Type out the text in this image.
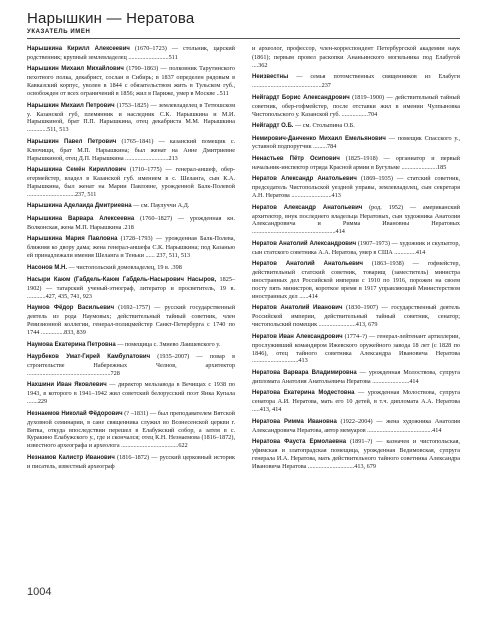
Нарышкин — Нератова
УКАЗАТЕЛЬ ИМЕН
Нарышкина Кирилл Алексеевич (1670–1723) — стольник, царский родственник; крупный землевладелец ..........................511
Нарышкин Михаил Михайлович (1790–1863) — полковник Тарутинского пехотного полка, декабрист, сослан в Сибирь; в 1837 определен рядовым в Кавказский корпус, уволен в 1844 с обязательством жить в Тульском губ., освобожден от всех ограничений в 1856; жил в Париже, умер в Москве ..511
Нарышкин Михаил Петрович (1753–1825) — землевладелец в Тетюшском у. Казанской губ, племянник и наследник С.К. Нарышкина и М.И. Нарышкиной, брат П.П. Нарышкина, отец декабриста М.М. Нарышкина .............511, 513
Нарышкин Павел Петрович (1765–1841) — казанский помещик с. Ключищи, брат М.П. Нарышкина; был женат на Анне Дмитриевне Нарышкиной, отец Д.П. Нарышкина ............................213
Нарышкина Семён Кириллович (1710–1775) — генерал-аншеф, обер-егермейстер, владел в Казанской губ. имением в с. Шеланга, сын К.А. Нарышкина, был женат на Марии Павловне, урожденной Балк-Полевой ...............................237, 511
Нарышкина Аделаида Дмитриевна — см. Паулуччи А.Д.
Нарышкина Варвара Алексеевна (1760–1827) — урожденная кн. Волконская, жена М.П. Нарышкина .218
Нарышкина Мария Павловна (1728–1793) — урожденная Балк-Полева, ближняя ко двору дама; жена генерал-аншефа С.К. Нарышкина; под Казанью ей принадлежали имения Шеланга и Теньки ...... 237, 511, 513
Насонов М.Н. — чистопольский домовладелец, 19 в. .398
Насыри Каюм (Габдель-Каюм Габдель-Насырович Насыров, 1825–1902) — татарский ученый-этнограф, литератор и просветитель, 19 в. ............427, 435, 741, 923
Наумов Фёдор Васильевич (1692–1757) — русский государственный деятель из рода Наумовых; действительный тайный советник, член Ревизионной коллегии, генерал-полицмейстер Санкт-Петербурга с 1740 по 1744 ...............833, 839
Наумова Екатерина Петровна — помещица с. Змиево Лаишевского у.
Наурбеков Умат-Гирей Камбулатович (1935–2007) — повар в строительстве Набережных Челнов, архитектор ......................................................728
Нахшини Иван Яковлевич — директор мельзавода в Вечищах с 1938 по 1943, в которого в 1941–1942 жил советский белорусский поэт Янка Купала .......229
Незнаемов Николай Фёдорович (? –1831) — был преподавателем Вятской духовной семинарии, в сане священника служил во Вознесенской церкви г. Вятка, откуда впоследствии перешел в Елабужский собор, а затем в с. Куракино Елабужского у., где и скончался; отец К.Н. Незнаемова (1816–1872), известного археографа и археолога .....................................622
Незнамов Калистр Иванович (1816–1872) — русский церковный историк и писатель, известный археограф
и археолог, профессор, член-корреспондент Петербургской академии наук (1861); первым провел раскопки Ананьинского могильника под Елабугой ....362
Неизвестны — семья потомственных священников из Елабуги .............................................237
Нейгардт Борис Александрович (1819–1900) — действительный тайный советник, обер-гофмейстер, после отставки жил в имении Чулпыновка Чистопольского у. Казанской губ. .................704
Нейгардт О.Б. — см. Столыпина О.Б.
Немирович-Данченко Михаил Емельянович — помещик Спасского у., уставной подпорутчик .........784
Ненастьев Пётр Осипович (1825–1918) — органиатор и первый начальник-инспектор отряда Красной армии в Бугульме .......................185
Нератов Александр Анатольевич (1869–1935) — статский советник, председатель Чистопольской уездной управы, землевладелец, сын секретаря А.Н. Нератова ..........................413
Нератов Александр Анатольевич (род. 1952) — американский архитектор, внук последнего владельца Нератовых, сын художника Анатолия Александровича и Римма Ивановны Нератовых ......................................................414
Нератов Анатолий Александрович (1907–1973) — художник и скульптор, сын статского советника А.А. Нератова, умер в США ..............414
Нератов Анатолий Анатольевич (1863–1938) — гофмейстер, действительный статский советник, товарищ (заместитель) министра иностранных дел Российской империи с 1910 по 1916, порожен на своем посту пять министров, короткое время в 1917 управляющий Министерством иностранных дел ......414
Нератов Анатолий Иванович (1830–1907) — государственный деятель Российской империи, действительный тайный советник, сенатор; чистопольский помещик ........................413, 679
Нератов Иван Александрович (1774–?) — генерал-лейтенант артиллерии, прослуживший командиром Ижевского оружейного завода 18 лет (с 1828 по 1846), отец тайного советника Александра Ивановича Нератова ..............................413
Нератова Варвара Владимировна — урожденная Молоствова, супруга дипломата Анатолия Анатольевича Нератова ........................414
Нератова Екатерина Модестовна — урожденная Молоствова, супруга сенатора А.И. Нератова, мать его 10 детей, в т.ч. дипломата А.А. Нератова .....413, 414
Нератова Римма Ивановна (1922–2004) — жена художника Анатолия Александровича Нератова, автор мемуаров ..........................................414
Нератова Фауста Ермолаевна (1891–?) — казначея и чистопольская, уфимская и златопрадская помещица, урожденная Ведимовская, супруга генерала И.А. Нератова, мать действительного тайного советника Александра Ивановича Нератова ..............................413, 679
1004
